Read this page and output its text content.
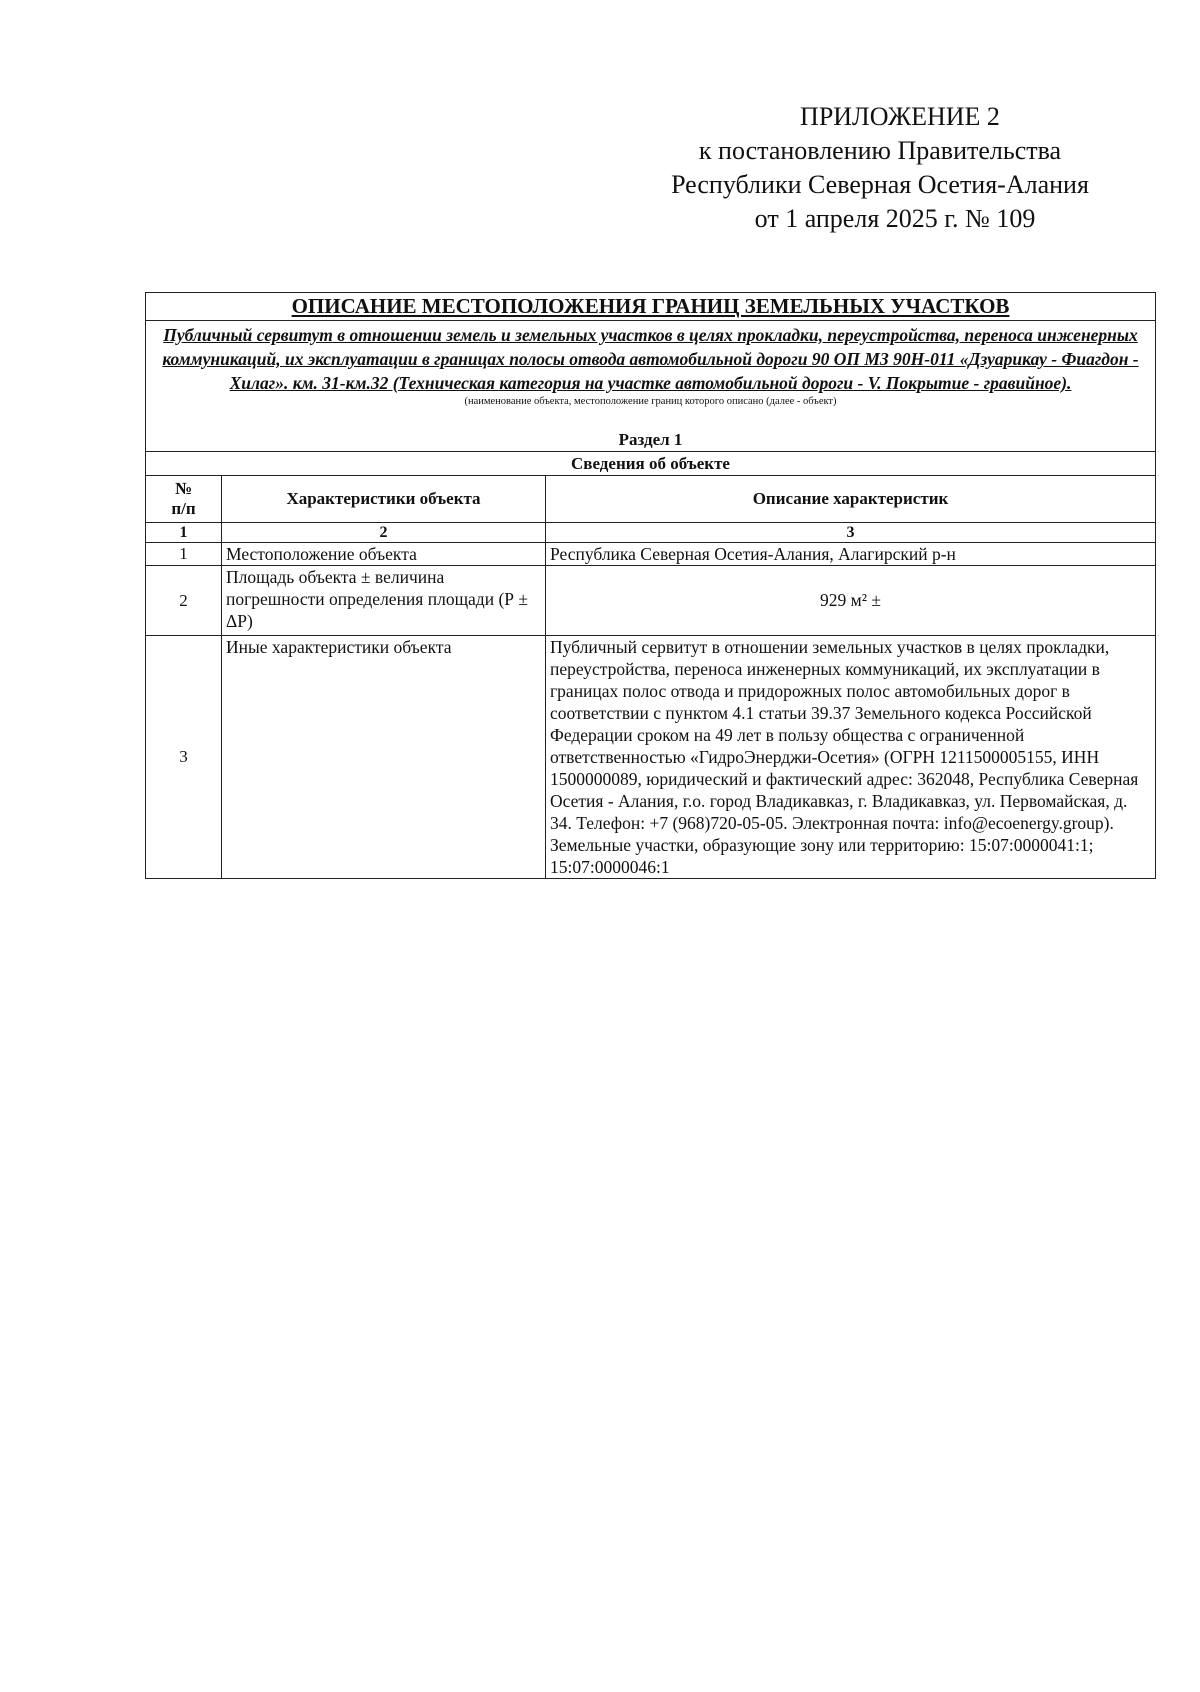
ПРИЛОЖЕНИЕ 2
к постановлению Правительства
Республики Северная Осетия-Алания
от 1 апреля 2025 г. № 109
ОПИСАНИЕ МЕСТОПОЛОЖЕНИЯ ГРАНИЦ ЗЕМЕЛЬНЫХ УЧАСТКОВ		
Публичный сервитут в отношении земель и земельных участков в целях прокладки, переустройства, переноса инженерных коммуникаций, их эксплуатации в границах полосы отвода автомобильной дороги 90 ОП МЗ 90Н-011 «Дзуарикау - Фиагдон - Хилаг». км. 31-км.32 (Техническая категория на участке автомобильной дороги - V. Покрытие - гравийное).		
(наименование объекта, местоположение границ которого описано (далее - объект)		
Раздел 1		
Сведения об объекте		
№
п/п	Характеристики объекта	Описание характеристик
1	2	3
1	Местоположение объекта	Республика Северная Осетия-Алания, Алагирский р-н
2	Площадь объекта ± величина погрешности определения площади (Р ± ΔР)	929 м² ±
3	Иные характеристики объекта	Публичный сервитут в отношении земельных участков в целях прокладки, переустройства, переноса инженерных коммуникаций, их эксплуатации в границах полос отвода и придорожных полос автомобильных дорог в соответствии с пунктом 4.1 статьи 39.37 Земельного кодекса Российской Федерации сроком на 49 лет в пользу общества с ограниченной ответственностью «ГидроЭнерджи-Осетия» (ОГРН 1211500005155, ИНН 1500000089, юридический и фактический адрес: 362048, Республика Северная Осетия - Алания, г.о. город Владикавказ, г. Владикавказ, ул. Первомайская, д. 34. Телефон: +7 (968)720-05-05. Электронная почта: info@ecoenergy.group).
Земельные участки, образующие зону или территорию: 15:07:0000041:1; 15:07:0000046:1
